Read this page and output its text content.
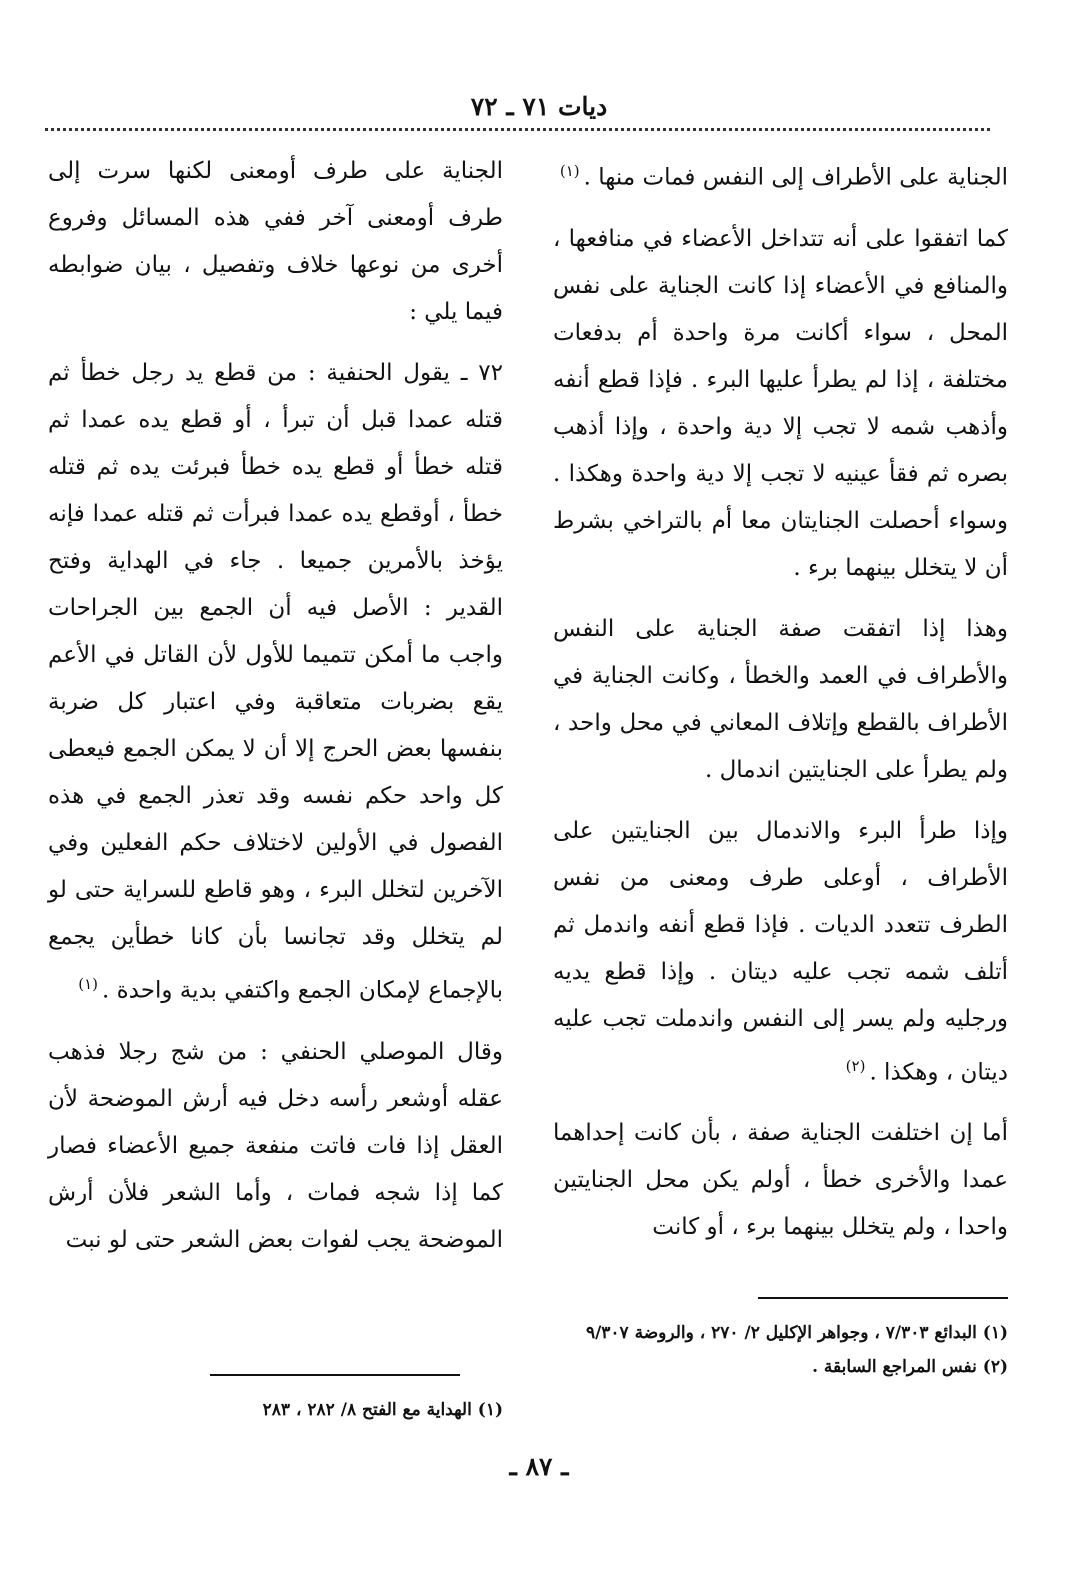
ديات ٧١ ـ ٧٢

الجناية على الأطراف إلى النفس فمات منها .$^{(١)}$

كما اتفقوا على أنه تتداخل الأعضاء في منافعها ، والمنافع في الأعضاء إذا كانت الجناية على نفس المحل ، سواء أكانت مرة واحدة أم بدفعات مختلفة ، إذا لم يطرأ عليها البرء . فإذا قطع أنفه وأذهب شمه لا تجب إلا دية واحدة ، وإذا أذهب بصره ثم فقأ عينيه لا تجب إلا دية واحدة وهكذا . وسواء أحصلت الجنايتان معا أم بالتراخي بشرط أن لا يتخلل بينهما برء .

وهذا إذا اتفقت صفة الجناية على النفس والأطراف في العمد والخطأ ، وكانت الجناية في الأطراف بالقطع وإتلاف المعاني في محل واحد ، ولم يطرأ على الجنايتين اندمال .

وإذا طرأ البرء والاندمال بين الجنايتين على الأطراف ، أوعلى طرف ومعنى من نفس الطرف تتعدد الديات . فإذا قطع أنفه واندمل ثم أتلف شمه تجب عليه ديتان . وإذا قطع يديه ورجليه ولم يسر إلى النفس واندملت تجب عليه ديتان ، وهكذا .$^{(٢)}$

أما إن اختلفت الجناية صفة ، بأن كانت إحداهما عمدا والأخرى خطأ ، أولم يكن محل الجنايتين واحدا ، ولم يتخلل بينهما برء ، أو كانت

الجناية على طرف أومعنى لكنها سرت إلى طرف أومعنى آخر ففي هذه المسائل وفروع أخرى من نوعها خلاف وتفصيل ، بيان ضوابطه فيما يلي :

٧٢ ـ يقول الحنفية : من قطع يد رجل خطأ ثم قتله عمدا قبل أن تبرأ ، أو قطع يده عمدا ثم قتله خطأ أو قطع يده خطأ فبرئت يده ثم قتله خطأ ، أوقطع يده عمدا فبرأت ثم قتله عمدا فإنه يؤخذ بالأمرين جميعا . جاء في الهداية وفتح القدير : الأصل فيه أن الجمع بين الجراحات واجب ما أمكن تتميما للأول لأن القاتل في الأعم يقع بضربات متعاقبة وفي اعتبار كل ضربة بنفسها بعض الحرج إلا أن لا يمكن الجمع فيعطى كل واحد حكم نفسه وقد تعذر الجمع في هذه الفصول في الأولين لاختلاف حكم الفعلين وفي الآخرين لتخلل البرء ، وهو قاطع للسراية حتى لو لم يتخلل وقد تجانسا بأن كانا خطأين يجمع بالإجماع لإمكان الجمع واكتفي بدية واحدة .$^{(١)}$

وقال الموصلي الحنفي : من شج رجلا فذهب عقله أوشعر رأسه دخل فيه أرش الموضحة لأن العقل إذا فات فاتت منفعة جميع الأعضاء فصار كما إذا شجه فمات ، وأما الشعر فلأن أرش الموضحة يجب لفوات بعض الشعر حتى لو نبت

(١) البدائع ٧/٣٠٣ ، وجواهر الإكليل ٢/ ٢٧٠ ، والروضة ٩/٣٠٧

(٢) نفس المراجع السابقة .

(١) الهداية مع الفتح ٨/ ٢٨٢ ، ٢٨٣

ـ ٨٧ ـ
